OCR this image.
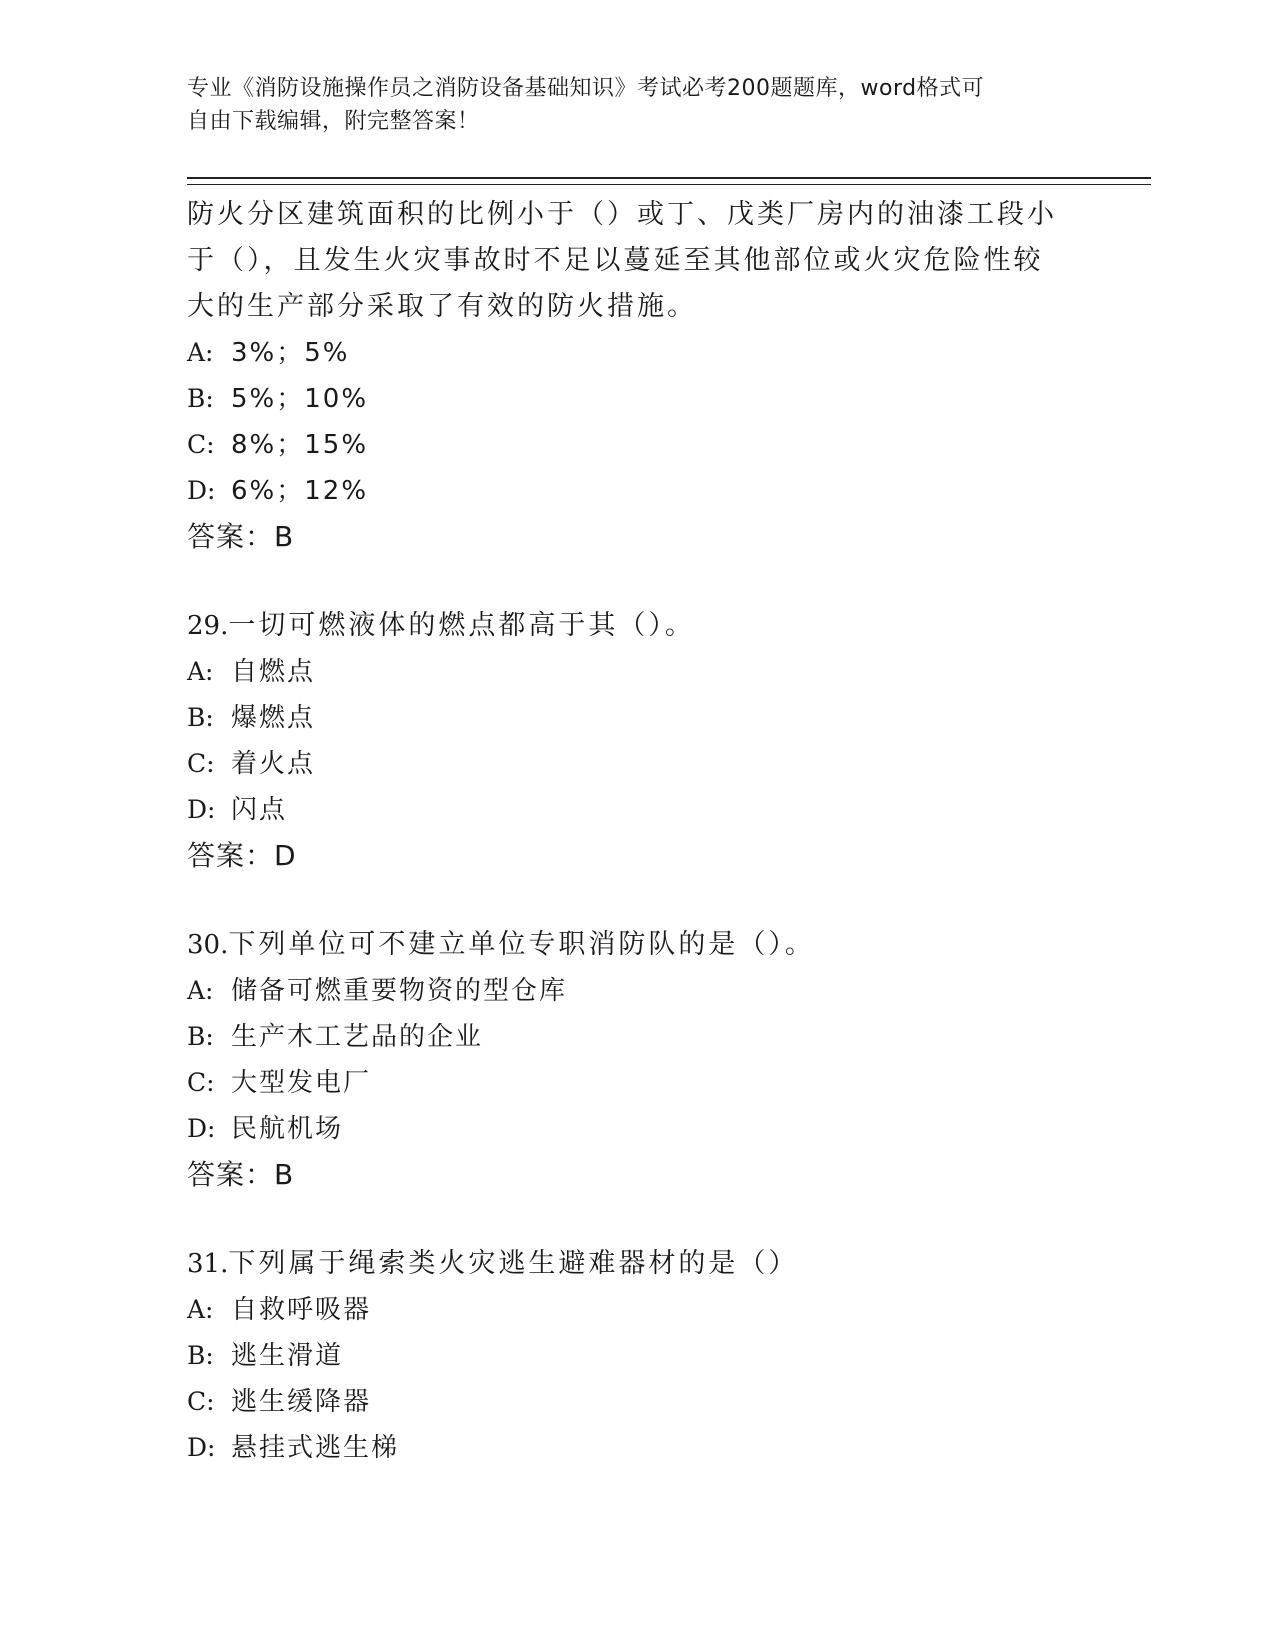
专业《消防设施操作员之消防设备基础知识》考试必考200题题库，word格式可
自由下载编辑，附完整答案！

防火分区建筑面积的比例小于（）或丁、戊类厂房内的油漆工段小于（），且发生火灾事故时不足以蔓延至其他部位或火灾危险性较大的生产部分采取了有效的防火措施。

A: 3%；5%

B: 5%；10%

C: 8%；15%

D: 6%；12%

答案：B

29.一切可燃液体的燃点都高于其（）。

A: 自燃点

B: 爆燃点

C: 着火点

D: 闪点

答案：D

30.下列单位可不建立单位专职消防队的是（）。

A: 储备可燃重要物资的型仓库

B: 生产木工艺品的企业

C: 大型发电厂

D: 民航机场

答案：B

31.下列属于绳索类火灾逃生避难器材的是（）

A: 自救呼吸器

B: 逃生滑道

C: 逃生缓降器

D: 悬挂式逃生梯
